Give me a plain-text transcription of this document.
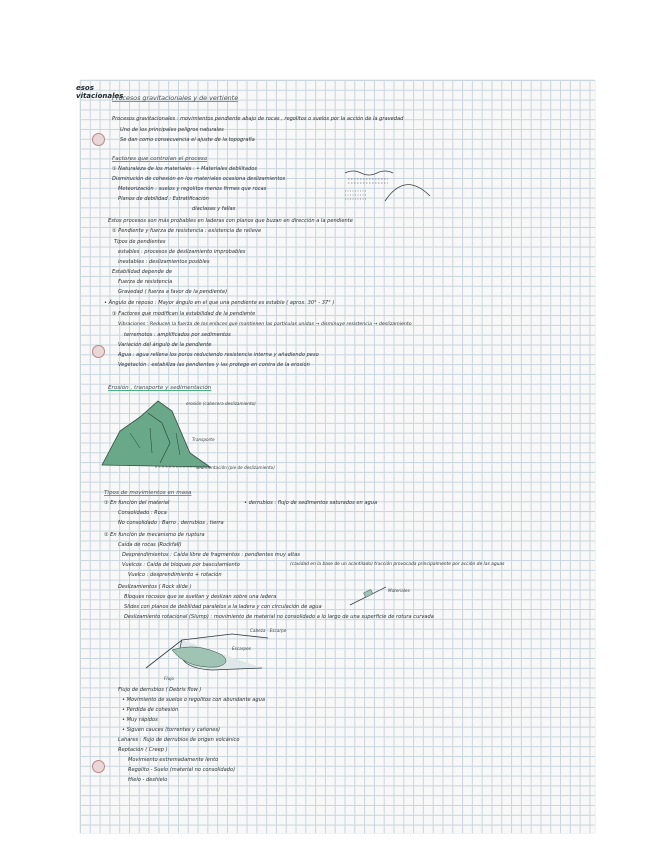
esos
vitacionales
Procesos gravitacionales y de vertiente
Procesos gravitacionales : movimientos pendiente abajo de rocas , regolitos o suelos por la acción de la gravedad
Uno de los principales peligros naturales
Se dan como consecuencia el ajuste de la topografía
Factores que controlan el proceso
① Naturaleza de los materiales : • Materiales debilitados
Disminución de cohesión en los materiales ocasiona deslizamientos
Meteorización : suelos y regolitos menos firmes que rocas
Planos de debilidad : Estratificación
diaclasas y fallas
Estos procesos son más probables en laderas con planos que buzan en dirección a la pendiente
② Pendiente y fuerza de resistencia : existencia de relieve
Tipos de pendientes
estables : procesos de deslizamiento improbables
inestables : deslizamientos posibles
Estabilidad depende de
Fuerza de resistencia
Gravedad ( fuerza a favor de la pendiente)
• Ángulo de reposo : Mayor ángulo en el que una pendiente es estable ( aprox. 30° - 37° )
③ Factores que modifican la estabilidad de la pendiente
Vibraciones : Reducen la fuerza de los enlaces que mantienen las partículas unidas → disminuye resistencia → deslizamiento
terremotos : amplificados por sedimentos
Variación del ángulo de la pendiente
Agua : agua rellena los poros reduciendo resistencia interna y añadiendo peso
Vegetación : estabiliza las pendientes y las protege en contra de la erosión
Erosión , transporte y sedimentación
erosión (cabecera deslizamiento)
Transporte
sedimentación (pie de deslizamiento)
Tipos de movimientos en masa
① En función del material
Consolidado : Roca
No consolidado : Barro , derrubios , tierra
• derrubios : flujo de sedimentos saturados en agua
② En función de mecanismo de ruptura
Caída de rocas (Rockfall)
Desprendimientos : Caída libre de fragmentos : pendientes muy altas
Vuelcos : Caída de bloques por basculamiento
Vuelco : desprendimiento + rotación
(cavidad en la base de un acantilado) tracción provocada principalmente por acción de las aguas
Deslizamientos ( Rock slide )
Bloques rocosos que se sueltan y deslizan sobre una ladera
Slides con planos de debilidad paralelos a la ladera y con circulación de agua
Deslizamiento rotacional (Slump) : movimiento de material no consolidado a lo largo de una superficie de rotura curvada
Cabeza - Escarpe
Escarpes
Flujo
Materiales
Flujo de derrubios ( Debris flow )
• Movimiento de suelos o regolitos con abundante agua
• Pérdida de cohesión
• Muy rápidos
• Siguen cauces (torrentes y cañones)
Lahares : flujo de derrubios de origen volcánico
Reptación ( Creep )
Movimiento extremadamente lento
Regolito - Suelo (material no consolidado)
Hielo - deshielo
